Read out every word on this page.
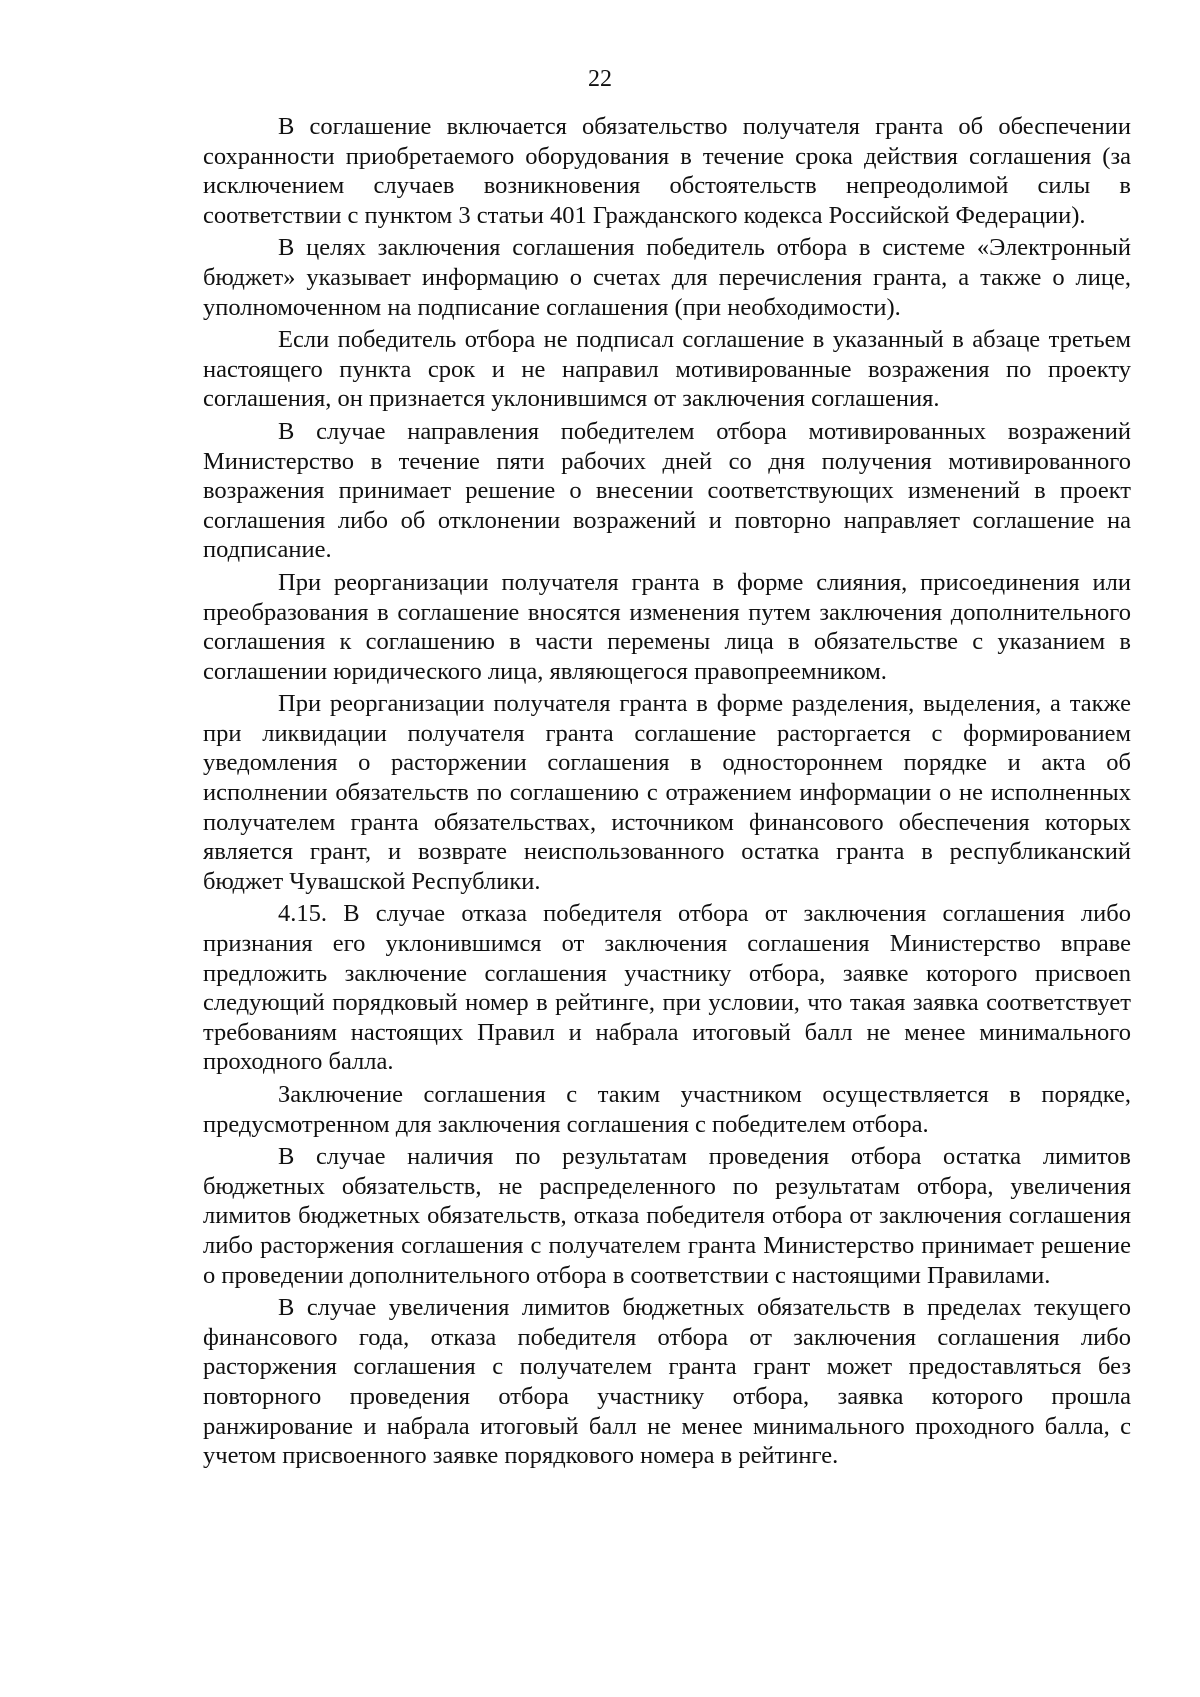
22

В соглашение включается обязательство получателя гранта об обеспечении сохранности приобретаемого оборудования в течение срока действия соглашения (за исключением случаев возникновения обстоятельств непреодолимой силы в соответствии с пунктом 3 статьи 401 Гражданского кодекса Российской Федерации).

В целях заключения соглашения победитель отбора в системе «Электронный бюджет» указывает информацию о счетах для перечисления гранта, а также о лице, уполномоченном на подписание соглашения (при необходимости).

Если победитель отбора не подписал соглашение в указанный в абзаце третьем настоящего пункта срок и не направил мотивированные возражения по проекту соглашения, он признается уклонившимся от заключения соглашения.

В случае направления победителем отбора мотивированных возражений Министерство в течение пяти рабочих дней со дня получения мотивированного возражения принимает решение о внесении соответствующих изменений в проект соглашения либо об отклонении возражений и повторно направляет соглашение на подписание.

При реорганизации получателя гранта в форме слияния, присоединения или преобразования в соглашение вносятся изменения путем заключения дополнительного соглашения к соглашению в части перемены лица в обязательстве с указанием в соглашении юридического лица, являющегося правопреемником.

При реорганизации получателя гранта в форме разделения, выделения, а также при ликвидации получателя гранта соглашение расторгается с формированием уведомления о расторжении соглашения в одностороннем порядке и акта об исполнении обязательств по соглашению с отражением информации о не исполненных получателем гранта обязательствах, источником финансового обеспечения которых является грант, и возврате неиспользованного остатка гранта в республиканский бюджет Чувашской Республики.

4.15. В случае отказа победителя отбора от заключения соглашения либо признания его уклонившимся от заключения соглашения Министерство вправе предложить заключение соглашения участнику отбора, заявке которого присвоen следующий порядковый номер в рейтинге, при условии, что такая заявка соответствует требованиям настоящих Правил и набрала итоговый балл не менее минимального проходного балла.

Заключение соглашения с таким участником осуществляется в порядке, предусмотренном для заключения соглашения с победителем отбора.

В случае наличия по результатам проведения отбора остатка лимитов бюджетных обязательств, не распределенного по результатам отбора, увеличения лимитов бюджетных обязательств, отказа победителя отбора от заключения соглашения либо расторжения соглашения с получателем гранта Министерство принимает решение о проведении дополнительного отбора в соответствии с настоящими Правилами.

В случае увеличения лимитов бюджетных обязательств в пределах текущего финансового года, отказа победителя отбора от заключения соглашения либо расторжения соглашения с получателем гранта грант может предоставляться без повторного проведения отбора участнику отбора, заявка которого прошла ранжирование и набрала итоговый балл не менее минимального проходного балла, с учетом присвоенного заявке порядкового номера в рейтинге.
